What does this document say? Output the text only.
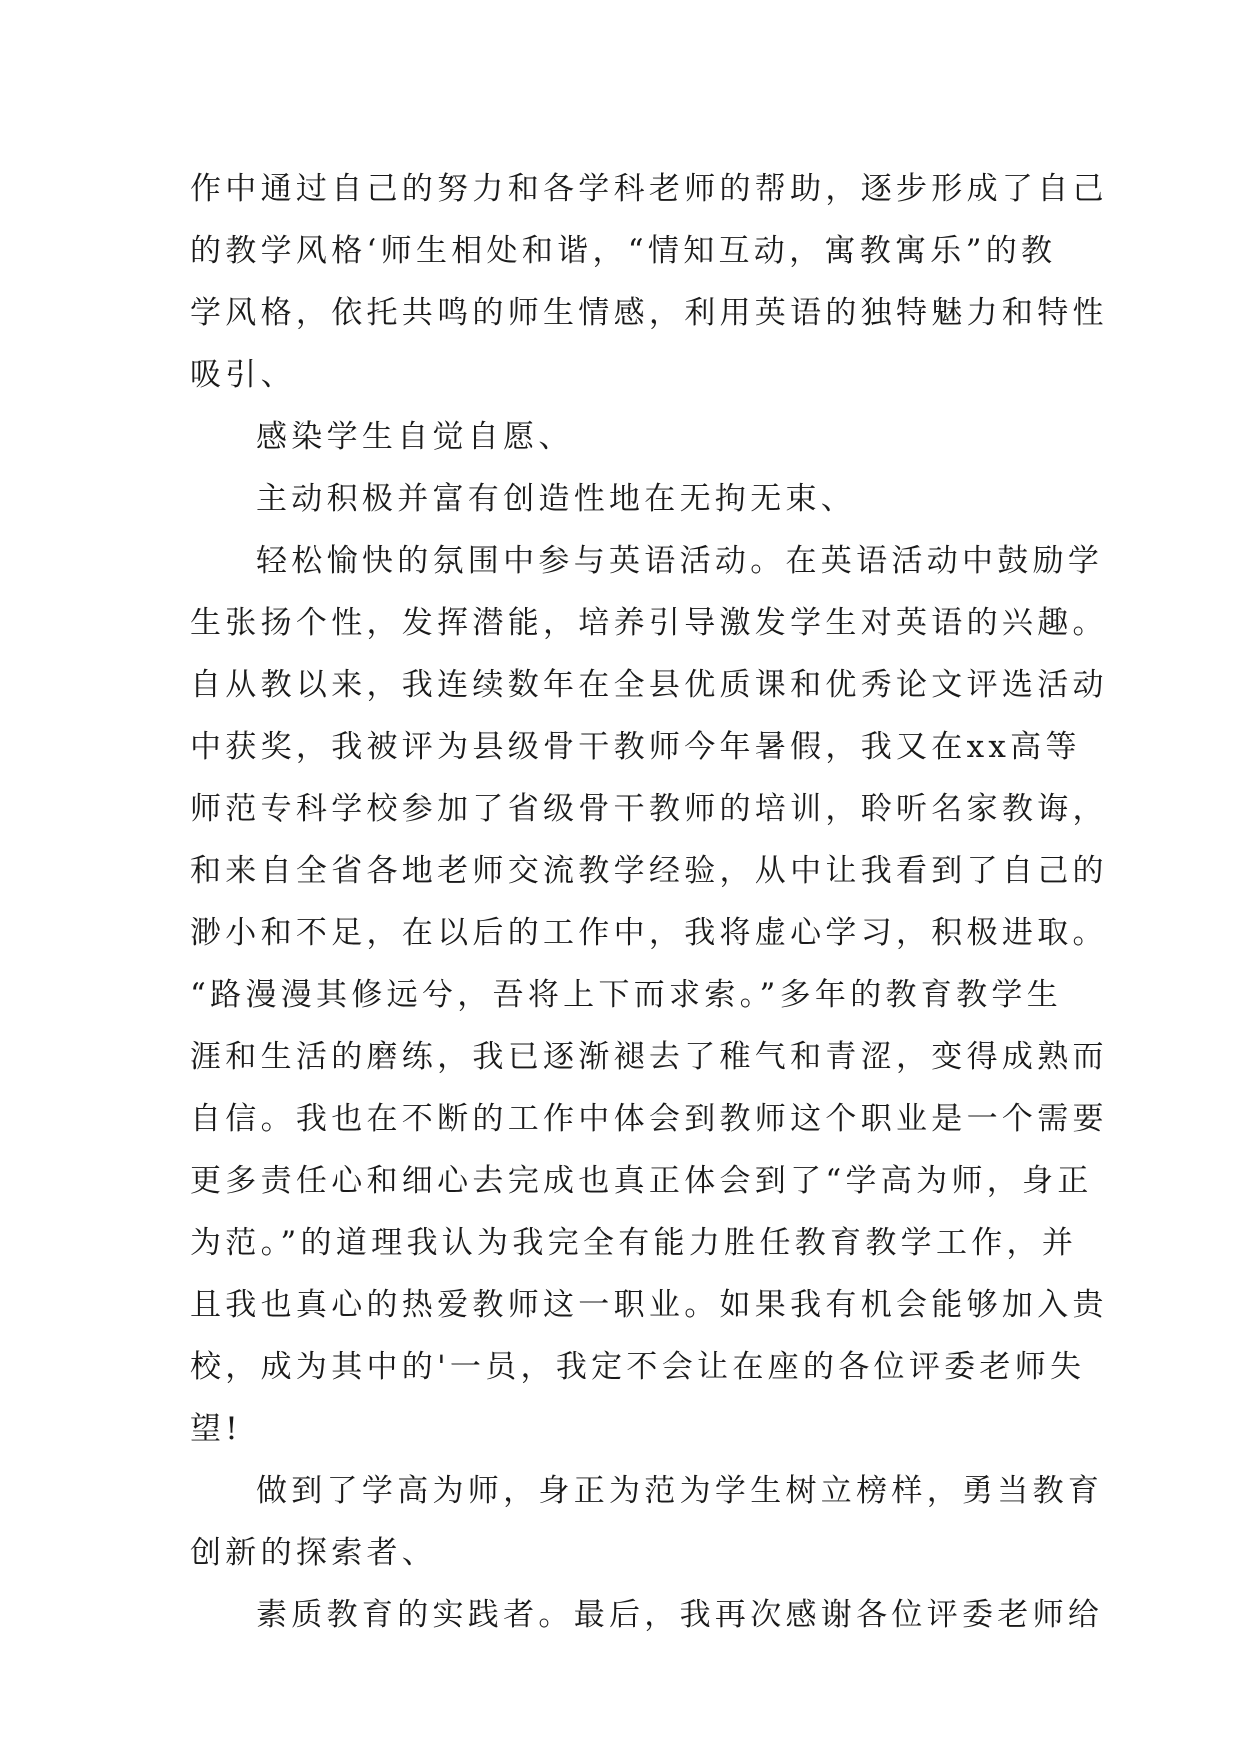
作中通过自己的努力和各学科老师的帮助，逐步形成了自己
的教学风格‘师生相处和谐，“情知互动，寓教寓乐”的教
学风格，依托共鸣的师生情感，利用英语的独特魅力和特性
吸引、
感染学生自觉自愿、
主动积极并富有创造性地在无拘无束、
轻松愉快的氛围中参与英语活动。在英语活动中鼓励学
生张扬个性，发挥潜能，培养引导激发学生对英语的兴趣。
自从教以来，我连续数年在全县优质课和优秀论文评选活动
中获奖，我被评为县级骨干教师今年暑假，我又在xx高等
师范专科学校参加了省级骨干教师的培训，聆听名家教诲，
和来自全省各地老师交流教学经验，从中让我看到了自己的
渺小和不足，在以后的工作中，我将虚心学习，积极进取。
“路漫漫其修远兮，吾将上下而求索。”多年的教育教学生
涯和生活的磨练，我已逐渐褪去了稚气和青涩，变得成熟而
自信。我也在不断的工作中体会到教师这个职业是一个需要
更多责任心和细心去完成也真正体会到了“学高为师，身正
为范。”的道理我认为我完全有能力胜任教育教学工作，并
且我也真心的热爱教师这一职业。如果我有机会能够加入贵
校，成为其中的'一员，我定不会让在座的各位评委老师失
望!
做到了学高为师，身正为范为学生树立榜样，勇当教育
创新的探索者、
素质教育的实践者。最后，我再次感谢各位评委老师给
